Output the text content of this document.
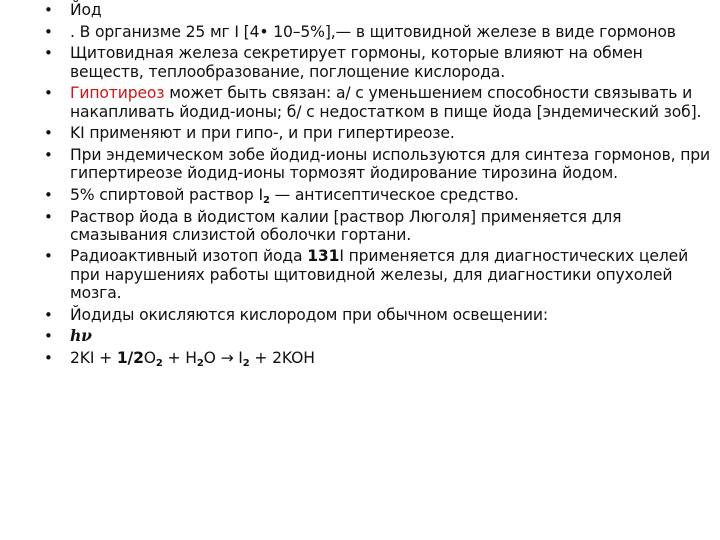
•	Йод
•	. В организме 25 мг I [4• 10–5%],— в щитовидной железе в виде гормонов
•	Щитовидная железа секретирует гормоны, которые влияют на обмен веществ, теплообразование, поглощение кислорода.
•	Гипотиреоз может быть связан: а/ с уменьшением способности связывать и накапливать йодид-ионы; б/ с недостатком в пище йода [эндемический зоб].
•	KI применяют и при гипо-, и при гипертиреозе.
•	При эндемическом зобе йодид-ионы используются для синтеза гормонов, при гипертиреозе йодид-ионы тормозят йодирование тирозина йодом.
•	5% спиртовой раствор $I_2$ — антисептическое средство.
•	Раствор йода в йодистом калии [раствор Люголя] применяется для смазывания слизистой оболочки гортани.
•	Радиоактивный изотоп йода 131I применяется для диагностических целей при нарушениях работы щитовидной железы, для диагностики опухолей мозга.
•	Йодиды окисляются кислородом при обычном освещении:
•	hν
•	$2KI + 1/2O_2 + H_2O \to I_2 + 2KOH$
